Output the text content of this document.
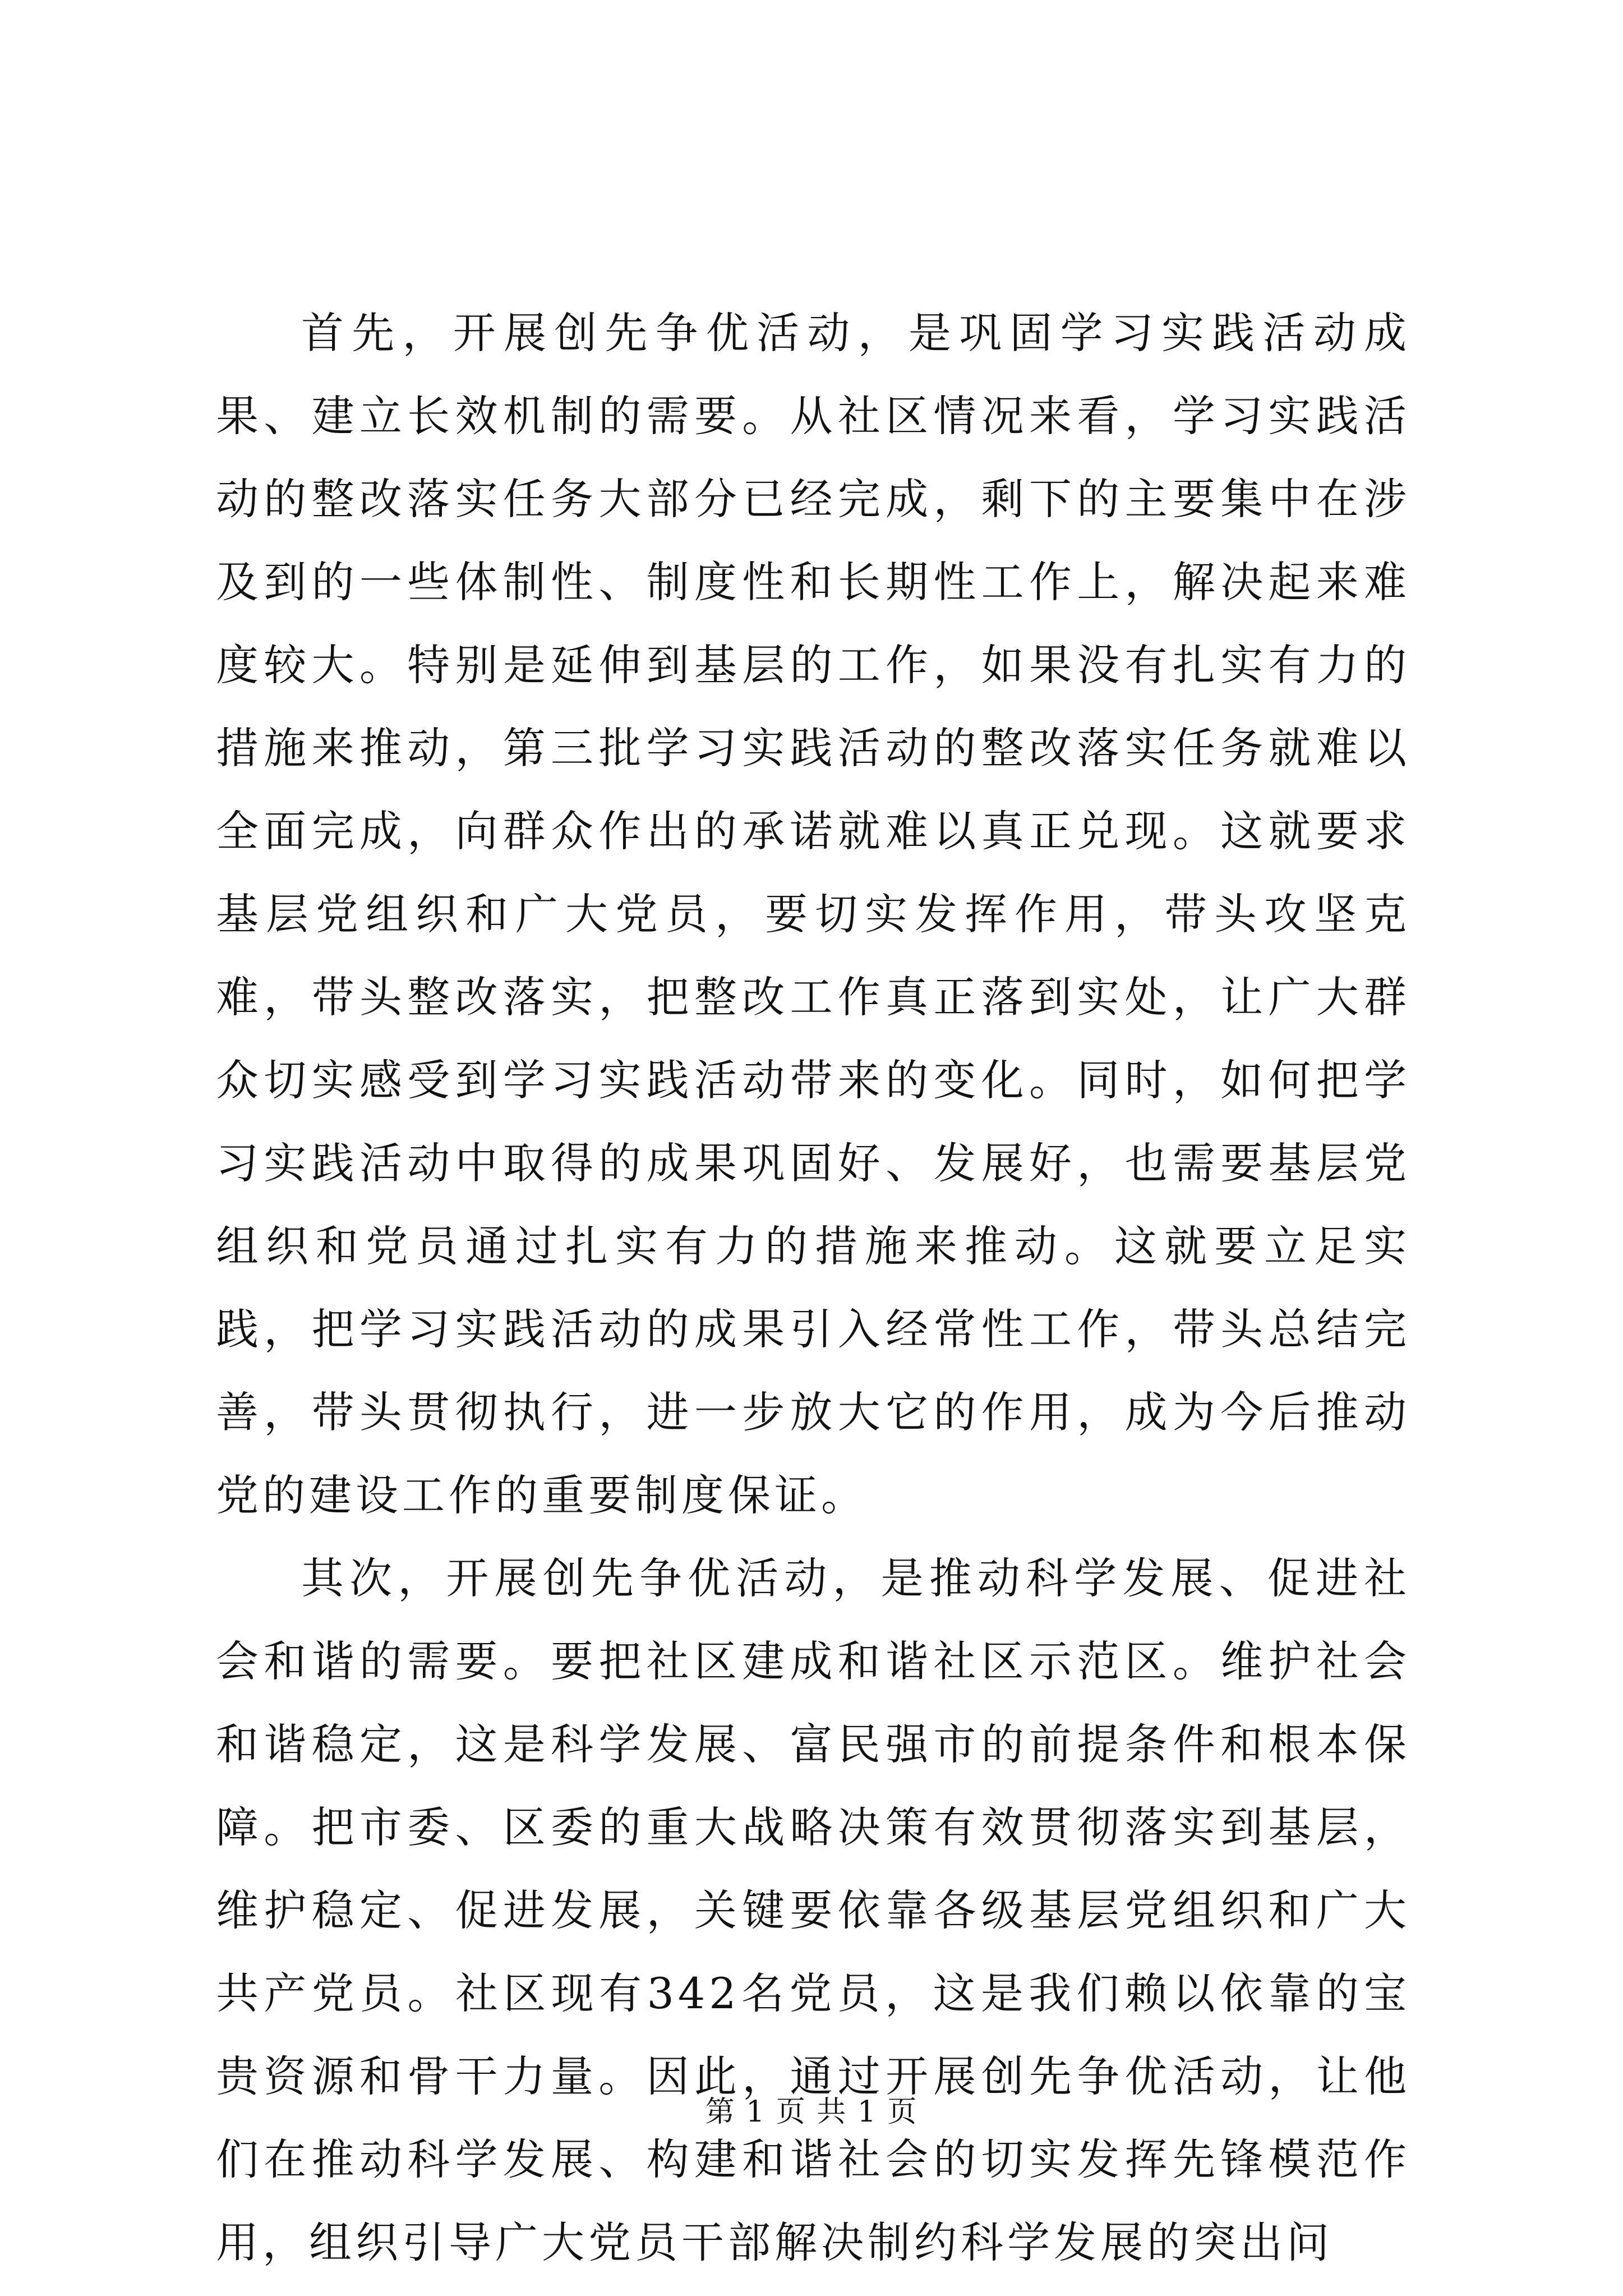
首先，开展创先争优活动，是巩固学习实践活动成果、建立长效机制的需要。从社区情况来看，学习实践活动的整改落实任务大部分已经完成，剩下的主要集中在涉及到的一些体制性、制度性和长期性工作上，解决起来难度较大。特别是延伸到基层的工作，如果没有扎实有力的措施来推动，第三批学习实践活动的整改落实任务就难以全面完成，向群众作出的承诺就难以真正兑现。这就要求基层党组织和广大党员，要切实发挥作用，带头攻坚克难，带头整改落实，把整改工作真正落到实处，让广大群众切实感受到学习实践活动带来的变化。同时，如何把学习实践活动中取得的成果巩固好、发展好，也需要基层党组织和党员通过扎实有力的措施来推动。这就要立足实践，把学习实践活动的成果引入经常性工作，带头总结完善，带头贯彻执行，进一步放大它的作用，成为今后推动党的建设工作的重要制度保证。

其次，开展创先争优活动，是推动科学发展、促进社会和谐的需要。要把社区建成和谐社区示范区。维护社会和谐稳定，这是科学发展、富民强市的前提条件和根本保障。把市委、区委的重大战略决策有效贯彻落实到基层，维护稳定、促进发展，关键要依靠各级基层党组织和广大共产党员。社区现有342名党员，这是我们赖以依靠的宝贵资源和骨干力量。因此，通过开展创先争优活动，让他们在推动科学发展、构建和谐社会的切实发挥先锋模范作用，组织引导广大党员干部解决制约科学发展的突出问

第 1 页 共 1 页
